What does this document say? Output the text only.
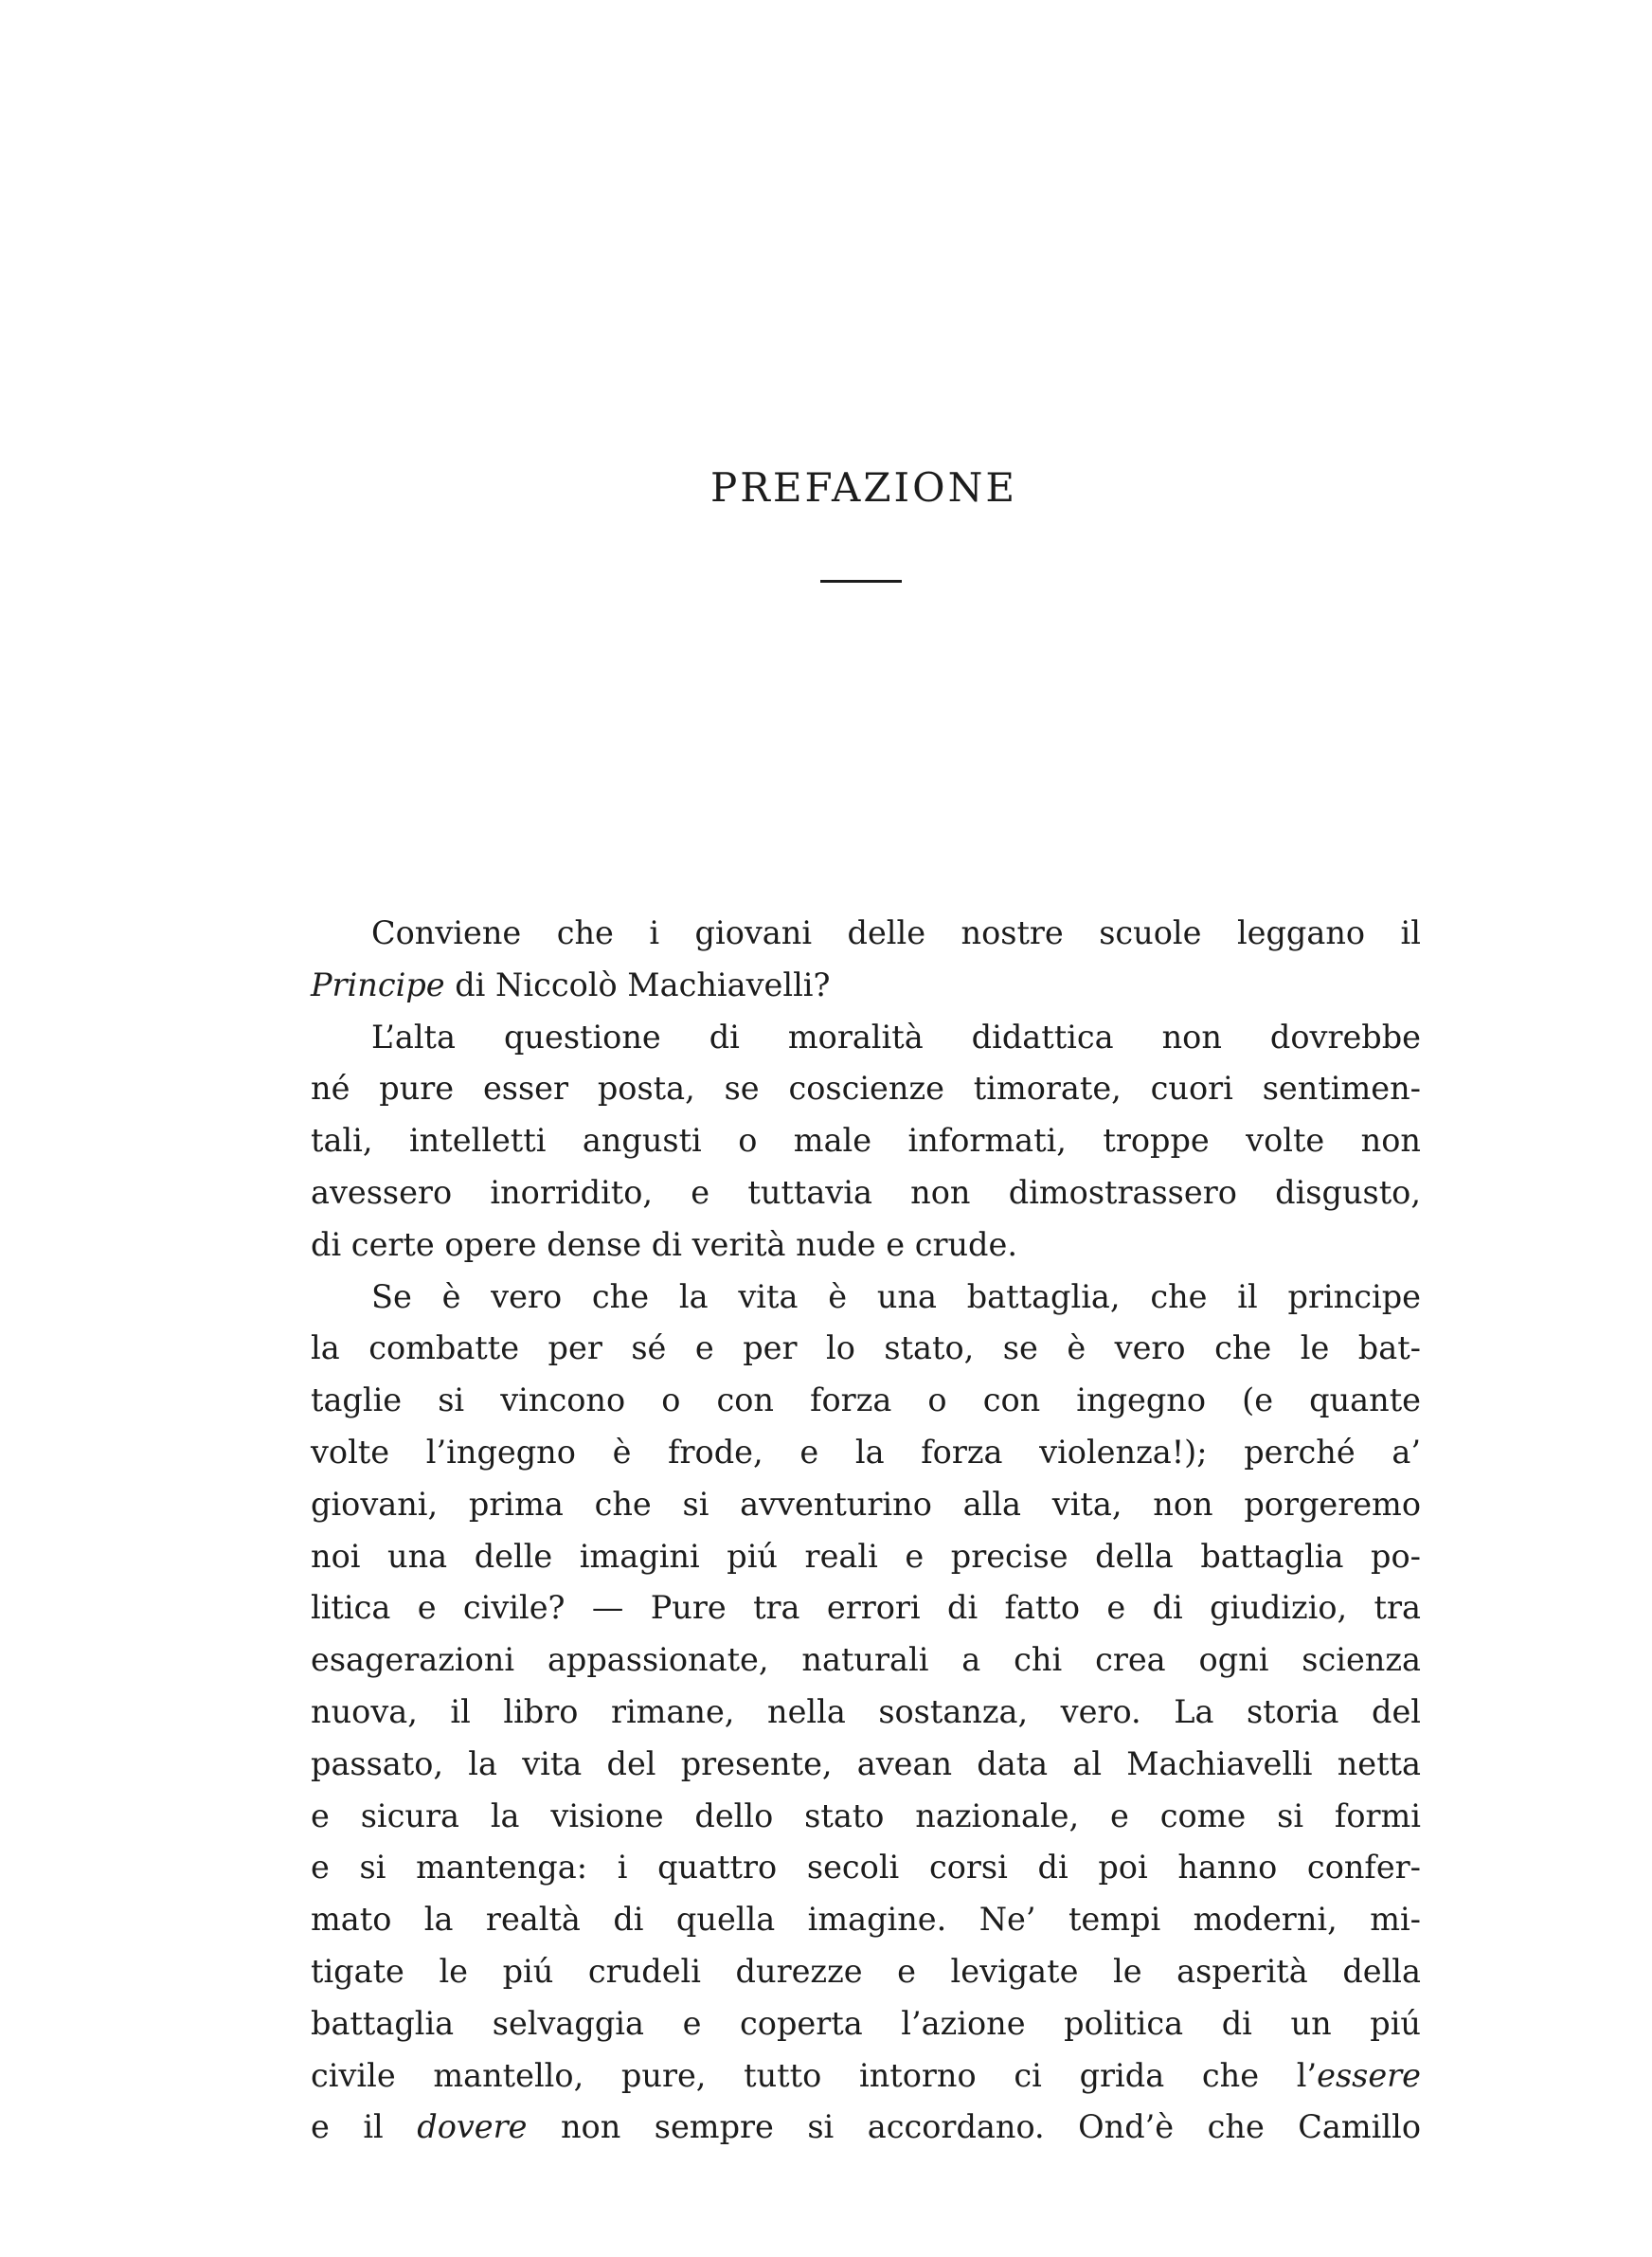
PREFAZIONE
Conviene che i giovani delle nostre scuole leggano il
Principe di Niccolò Machiavelli?
L’alta questione di moralità didattica non dovrebbe
né pure esser posta, se coscienze timorate, cuori sentimen-
tali, intelletti angusti o male informati, troppe volte non
avessero inorridito, e tuttavia non dimostrassero disgusto,
di certe opere dense di verità nude e crude.
Se è vero che la vita è una battaglia, che il principe
la combatte per sé e per lo stato, se è vero che le bat-
taglie si vincono o con forza o con ingegno (e quante
volte l’ingegno è frode, e la forza violenza!); perché a’
giovani, prima che si avventurino alla vita, non porgeremo
noi una delle imagini piú reali e precise della battaglia po-
litica e civile? — Pure tra errori di fatto e di giudizio, tra
esagerazioni appassionate, naturali a chi crea ogni scienza
nuova, il libro rimane, nella sostanza, vero. La storia del
passato, la vita del presente, avean data al Machiavelli netta
e sicura la visione dello stato nazionale, e come si formi
e si mantenga: i quattro secoli corsi di poi hanno confer-
mato la realtà di quella imagine. Ne’ tempi moderni, mi-
tigate le piú crudeli durezze e levigate le asperità della
battaglia selvaggia e coperta l’azione politica di un piú
civile mantello, pure, tutto intorno ci grida che l’essere
e il dovere non sempre si accordano. Ond’è che Camillo
